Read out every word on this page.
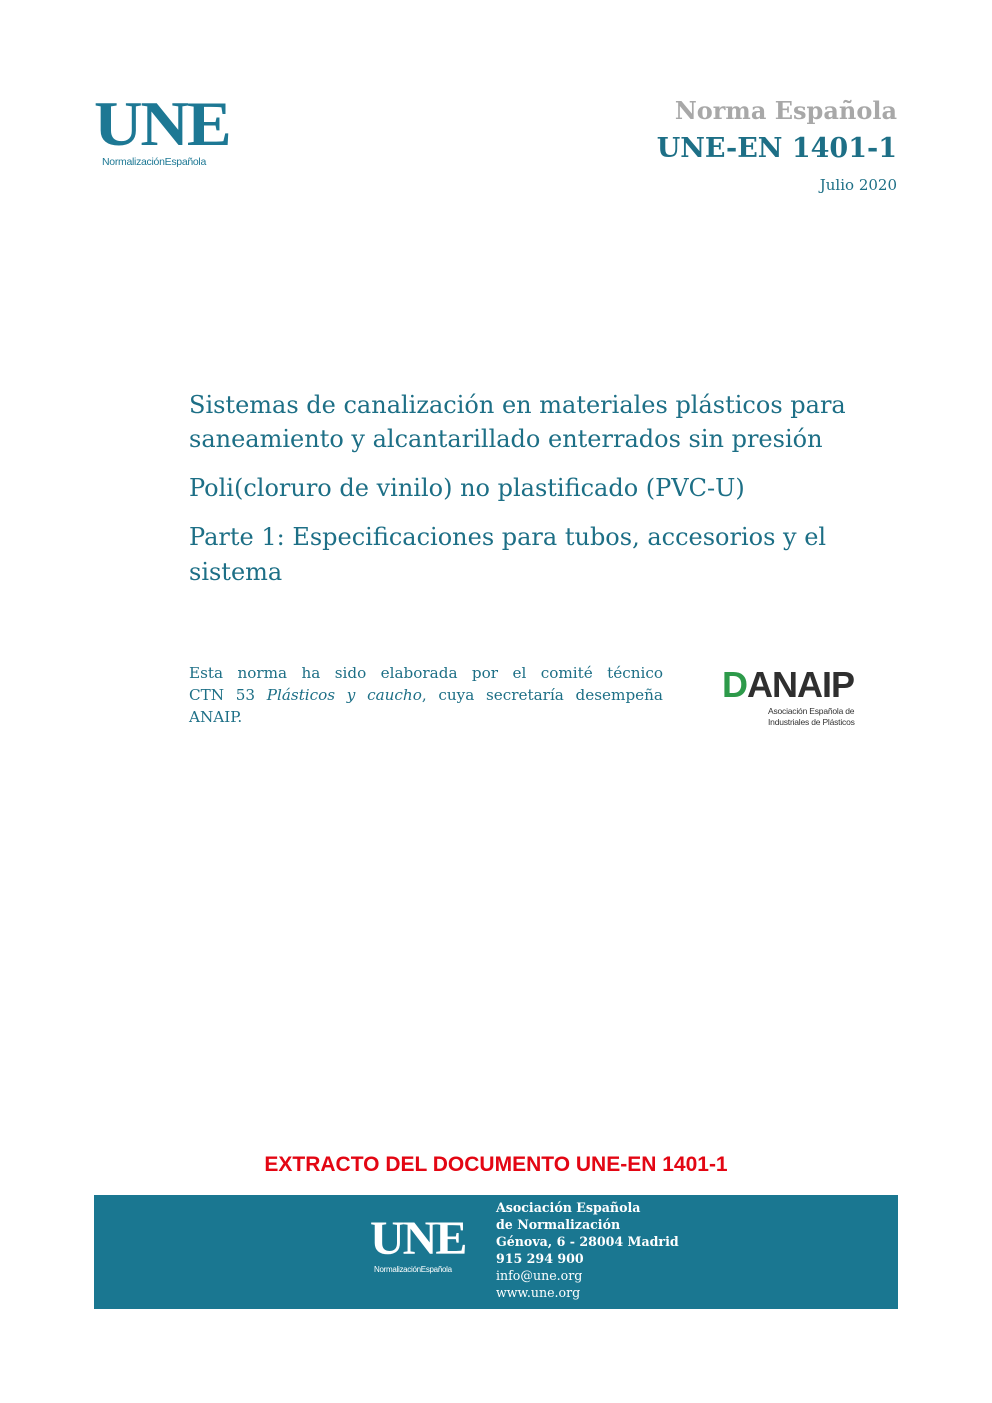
UNE
NormalizaciónEspañola
Norma Española
UNE-EN 1401-1
Julio 2020
Sistemas de canalización en materiales plásticos para
saneamiento y alcantarillado enterrados sin presión
Poli(cloruro de vinilo) no plastificado (PVC-U)
Parte 1: Especificaciones para tubos, accesorios y el
sistema
Esta norma ha sido elaborada por el comité técnico
CTN 53 Plásticos y caucho, cuya secretaría desempeña
ANAIP.
DANAIP
Asociación Española de
Industriales de Plásticos
EXTRACTO DEL DOCUMENTO UNE-EN 1401-1
UNE
NormalizaciónEspañola
Asociación Española
de Normalización
Génova, 6 - 28004 Madrid
915 294 900
info@une.org
www.une.org
